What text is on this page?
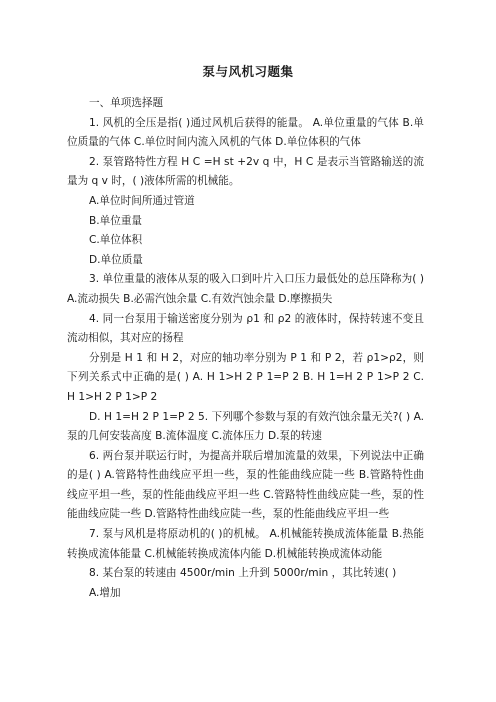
泵与风机习题集

一、单项选择题

1. 风机的全压是指( )通过风机后获得的能量。 A.单位重量的气体 B.单位质量的气体 C.单位时间内流入风机的气体 D.单位体积的气体

2. 泵管路特性方程 H C =H st +2v q 中，H C 是表示当管路输送的流量为 q v 时，( )液体所需的机械能。

A.单位时间所通过管道

B.单位重量

C.单位体积

D.单位质量

3. 单位重量的液体从泵的吸入口到叶片入口压力最低处的总压降称为( ) A.流动损失 B.必需汽蚀余量 C.有效汽蚀余量 D.摩擦损失

4. 同一台泵用于输送密度分别为 ρ1 和 ρ2 的液体时，保持转速不变且流动相似，其对应的扬程

分别是 H 1 和 H 2，对应的轴功率分别为 P 1 和 P 2，若 ρ1>ρ2，则下列关系式中正确的是( ) A. H 1>H 2 P 1=P 2 B. H 1=H 2 P 1>P 2 C. H 1>H 2 P 1>P 2

D. H 1=H 2 P 1=P 2 5. 下列哪个参数与泵的有效汽蚀余量无关?( ) A.泵的几何安装高度 B.流体温度 C.流体压力 D.泵的转速

6. 两台泵并联运行时，为提高并联后增加流量的效果，下列说法中正确的是( ) A.管路特性曲线应平坦一些，泵的性能曲线应陡一些 B.管路特性曲线应平坦一些，泵的性能曲线应平坦一些 C.管路特性曲线应陡一些，泵的性能曲线应陡一些 D.管路特性曲线应陡一些，泵的性能曲线应平坦一些

7. 泵与风机是将原动机的( )的机械。 A.机械能转换成流体能量 B.热能转换成流体能量 C.机械能转换成流体内能 D.机械能转换成流体动能

8. 某台泵的转速由 4500r/min 上升到 5000r/min ，其比转速( )

A.增加
